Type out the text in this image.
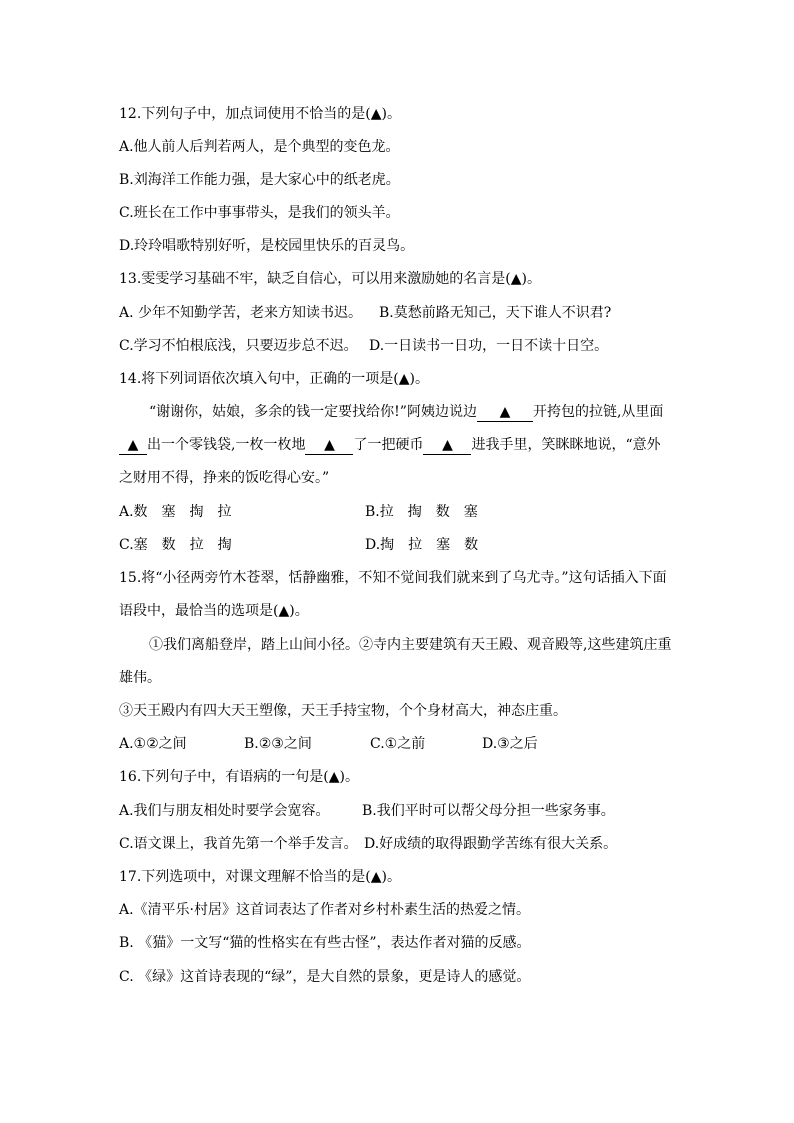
12.下列句子中，加点词使用不恰当的是(▲)。
A.他人前人后判若两人，是个典型的变色龙。
B.刘海洋工作能力强，是大家心中的纸老虎。
C.班长在工作中事事带头，是我们的领头羊。
D.玲玲唱歌特别好听，是校园里快乐的百灵鸟。
13.雯雯学习基础不牢，缺乏自信心，可以用来激励她的名言是(▲)。
A. 少年不知勤学苦，老来方知读书迟。 B.莫愁前路无知己，天下谁人不识君?
C.学习不怕根底浅，只要迈步总不迟。 D.一日读书一日功，一日不读十日空。
14.将下列词语依次填入句中，正确的一项是(▲)。
“谢谢你，姑娘，多余的钱一定要找给你!”阿姨边说边 ▲ 开挎包的拉链,从里面
▲ 出一个零钱袋,一枚一枚地 ▲ 了一把硬币 ▲ 进我手里，笑眯眯地说，“意外
之财用不得，挣来的饭吃得心安。”
A.数　塞　掏　拉	B.拉　掏　数　塞
C.塞　数　拉　掏	D.掏　拉　塞　数
15.将“小径两旁竹木苍翠，恬静幽雅，不知不觉间我们就来到了乌尤寺。”这句话插入下面
语段中，最恰当的选项是(▲)。
①我们离船登岸，踏上山间小径。②寺内主要建筑有天王殿、观音殿等,这些建筑庄重
雄伟。
③天王殿内有四大天王塑像，天王手持宝物，个个身材高大，神态庄重。
A.①②之间	B.②③之间	C.①之前	D.③之后
16.下列句子中，有语病的一句是(▲)。
A.我们与朋友相处时要学会宽容。 B.我们平时可以帮父母分担一些家务事。
C.语文课上，我首先第一个举手发言。 D.好成绩的取得跟勤学苦练有很大关系。
17.下列选项中，对课文理解不恰当的是(▲)。
A.《清平乐·村居》这首词表达了作者对乡村朴素生活的热爱之情。
B. 《猫》一文写“猫的性格实在有些古怪”，表达作者对猫的反感。
C. 《绿》这首诗表现的“绿”，是大自然的景象，更是诗人的感觉。
